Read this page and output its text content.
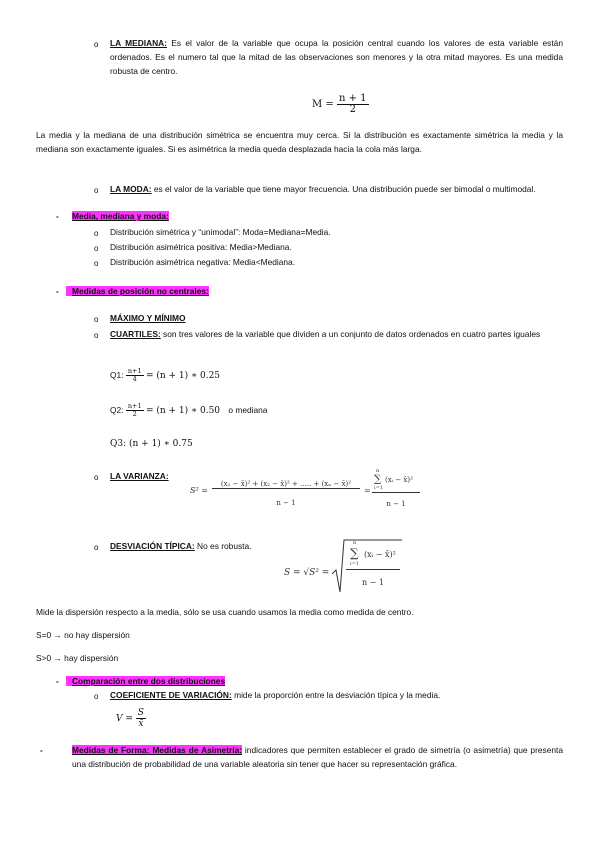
o LA MEDIANA: Es el valor de la variable que ocupa la posición central cuando los valores de esta variable están ordenados. Es el numero tal que la mitad de las observaciones son menores y la otra mitad mayores. Es una medida robusta de centro.
$M = \frac{n + 1}{2}$
La media y la mediana de una distribución simétrica se encuentra muy cerca. Si la distribución es exactamente simétrica la media y la mediana son exactamente iguales. Si es asimétrica la media queda desplazada hacia la cola más larga.
o LA MODA: es el valor de la variable que tiene mayor frecuencia. Una distribución puede ser bimodal o multimodal.
- Media, mediana y moda:
o Distribución simétrica y “unimodal”: Moda=Mediana=Media.
o Distribución asimétrica positiva: Media>Mediana.
o Distribución asimétrica negativa: Media<Mediana.
-	Medidas de posición no centrales:
o MÁXIMO Y MÍNIMO
o CUARTILES: son tres valores de la variable que dividen a un conjunto de datos ordenados en cuatro partes iguales
Q1: $\frac{n+1}{4} = (n + 1)$ ∗ 0.25
Q2: $\frac{n+1}{2} = (n + 1)$ ∗ 0.50 o mediana
Q3: (n + 1) ∗ 0.75
o LA VARIANZA:
S² =
(x₁ − x̄)² + (x₂ − x̄)² + ..... + (xₙ − x̄)²
n − 1
=
n
∑
i=1
(xᵢ − x̄)²
n − 1
o DESVIACIÓN TÍPICA: No es robusta.
S = √S² =
n
∑
i=1
(xᵢ − x̄)²
n − 1
Mide la dispersión respecto a la media, sólo se usa cuando usamos la media como medida de centro.
S=0 → no hay dispersión
S>0 → hay dispersión
-	Comparación entre dos distribuciones
o COEFICIENTE DE VARIACIÓN: mide la proporción entre la desviación típica y la media.
$V = \frac{S}{x̄}$
-	Medidas de Forma: Medidas de Asimetría: indicadores que permiten establecer el grado de simetría (o asimetría) que presenta una distribución de probabilidad de una variable aleatoria sin tener que hacer su representación gráfica.
